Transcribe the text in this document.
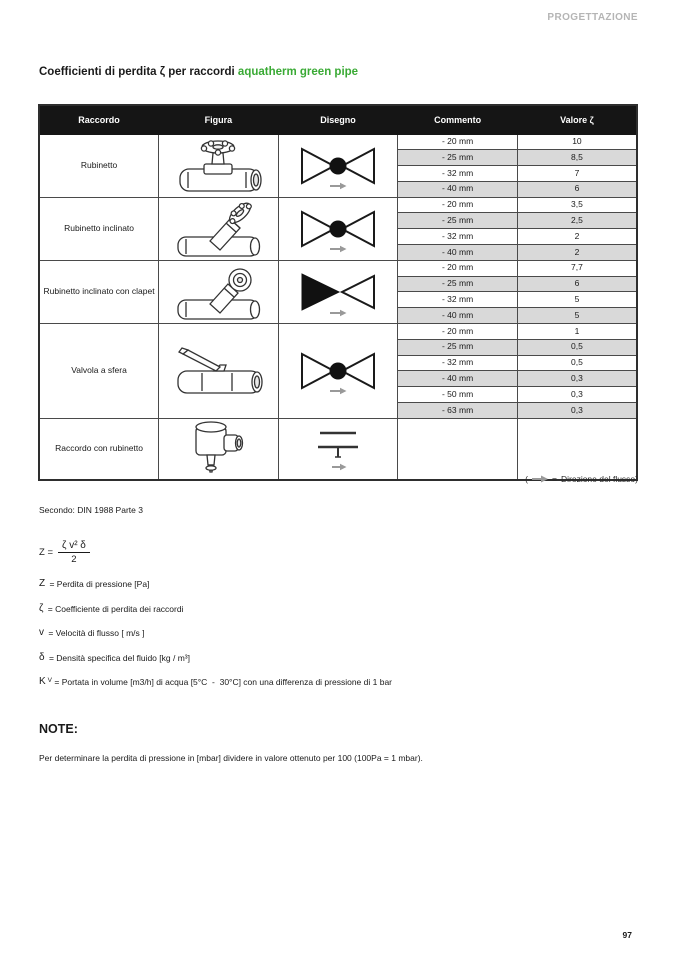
PROGETTAZIONE
Coefficienti di perdita ζ per raccordi aquatherm green pipe
Raccordo	Figura	Disegno	Commento	Valore ζ
Rubinetto			- 20 mm	10
			- 25 mm	8,5
			- 32 mm	7
			- 40 mm	6
Rubinetto inclinato			- 20 mm	3,5
			- 25 mm	2,5
			- 32 mm	2
			- 40 mm	2
Rubinetto inclinato con clapet			- 20 mm	7,7
			- 25 mm	6
			- 32 mm	5
			- 40 mm	5
Valvola a sfera			- 20 mm	1
			- 25 mm	0,5
			- 32 mm	0,5
			- 40 mm	0,3
			- 50 mm	0,3
			- 63 mm	0,3
Raccordo con rubinetto	

(	= Direzione del flusso)
Secondo: DIN 1988 Parte 3
$Z = \frac{\text{ζ v² δ}}{2}$
Z = Perdita di pressione [Pa]
ζ = Coefficiente di perdita dei raccordi
v = Velocità di flusso [ m/s ]
δ = Densità specifica del fluido [kg / m³]
K V = Portata in volume [m3/h] di acqua [5°C  -  30°C] con una differenza di pressione di 1 bar
NOTE:
Per determinare la perdita di pressione in [mbar] dividere in valore ottenuto per 100 (100Pa = 1 mbar).
97
